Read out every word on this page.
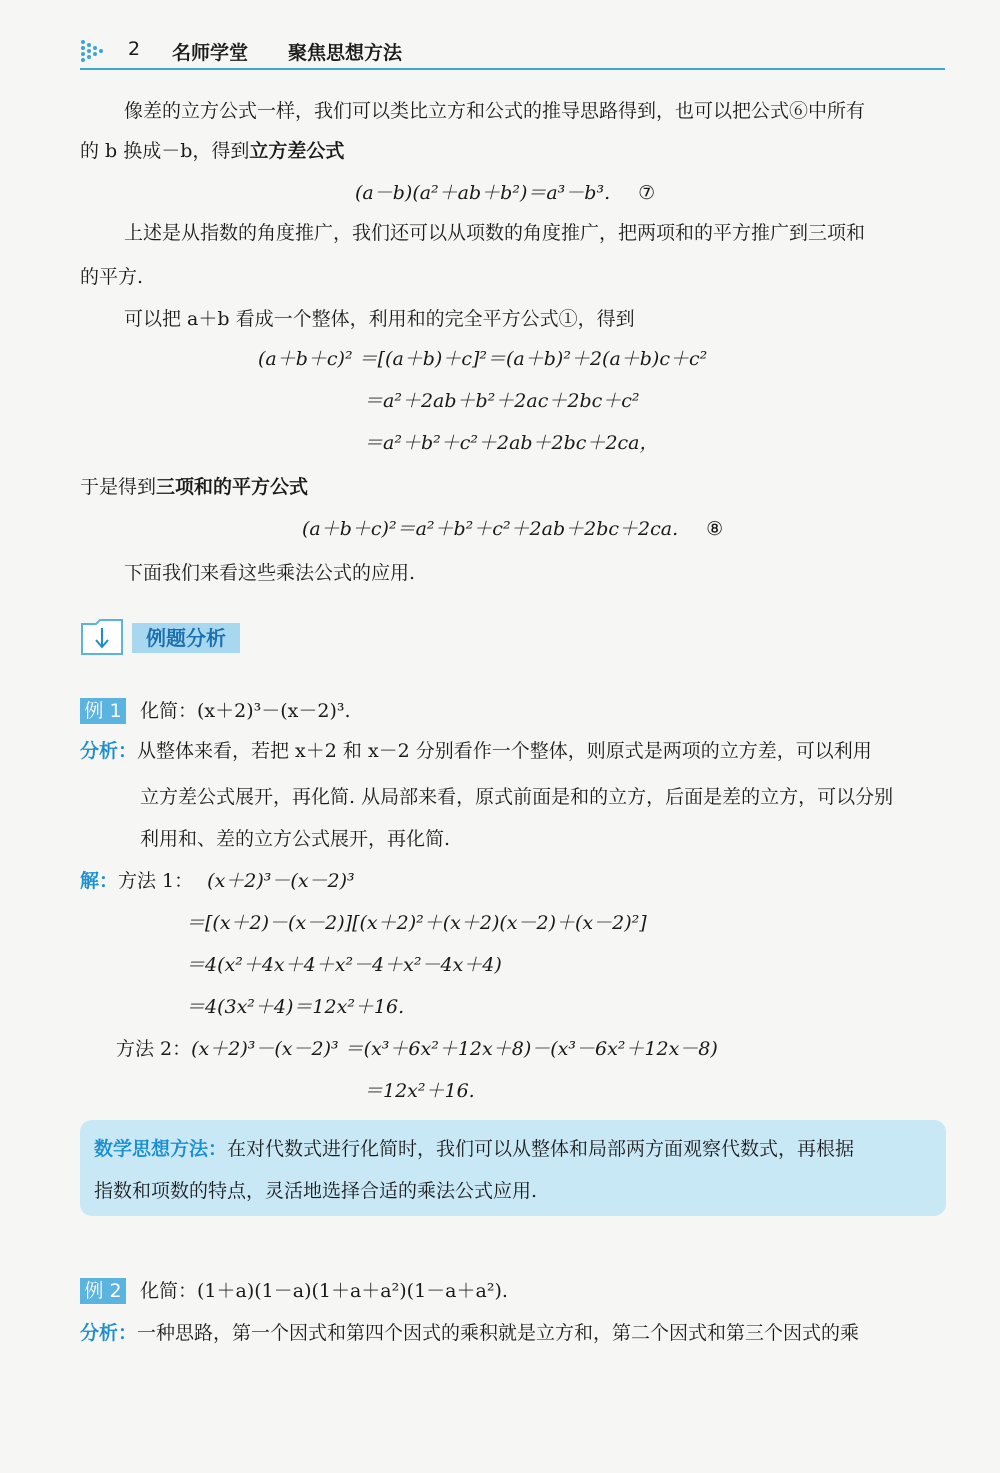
2 名师学堂 聚焦思想方法
像差的立方公式一样，我们可以类比立方和公式的推导思路得到，也可以把公式⑥中所有
的 b 换成－b，得到立方差公式
(a－b)(a²＋ab＋b²)＝a³－b³. ⑦
上述是从指数的角度推广，我们还可以从项数的角度推广，把两项和的平方推广到三项和
的平方.
可以把 a＋b 看成一个整体，利用和的完全平方公式①，得到
(a＋b＋c)² ＝[(a＋b)＋c]²＝(a＋b)²＋2(a＋b)c＋c²
＝a²＋2ab＋b²＋2ac＋2bc＋c²
＝a²＋b²＋c²＋2ab＋2bc＋2ca，
于是得到三项和的平方公式
(a＋b＋c)²＝a²＋b²＋c²＋2ab＋2bc＋2ca. ⑧
下面我们来看这些乘法公式的应用.
例题分析
例 1 化简：(x＋2)³－(x－2)³.
分析：从整体来看，若把 x＋2 和 x－2 分别看作一个整体，则原式是两项的立方差，可以利用
立方差公式展开，再化简. 从局部来看，原式前面是和的立方，后面是差的立方，可以分别
利用和、差的立方公式展开，再化简.
解：方法 1： (x＋2)³－(x－2)³
＝[(x＋2)－(x－2)][(x＋2)²＋(x＋2)(x－2)＋(x－2)²]
＝4(x²＋4x＋4＋x²－4＋x²－4x＋4)
＝4(3x²＋4)＝12x²＋16.
方法 2：(x＋2)³－(x－2)³ ＝(x³＋6x²＋12x＋8)－(x³－6x²＋12x－8)
＝12x²＋16.
数学思想方法：在对代数式进行化简时，我们可以从整体和局部两方面观察代数式，再根据
指数和项数的特点，灵活地选择合适的乘法公式应用.
例 2 化简：(1＋a)(1－a)(1＋a＋a²)(1－a＋a²).
分析：一种思路，第一个因式和第四个因式的乘积就是立方和，第二个因式和第三个因式的乘
